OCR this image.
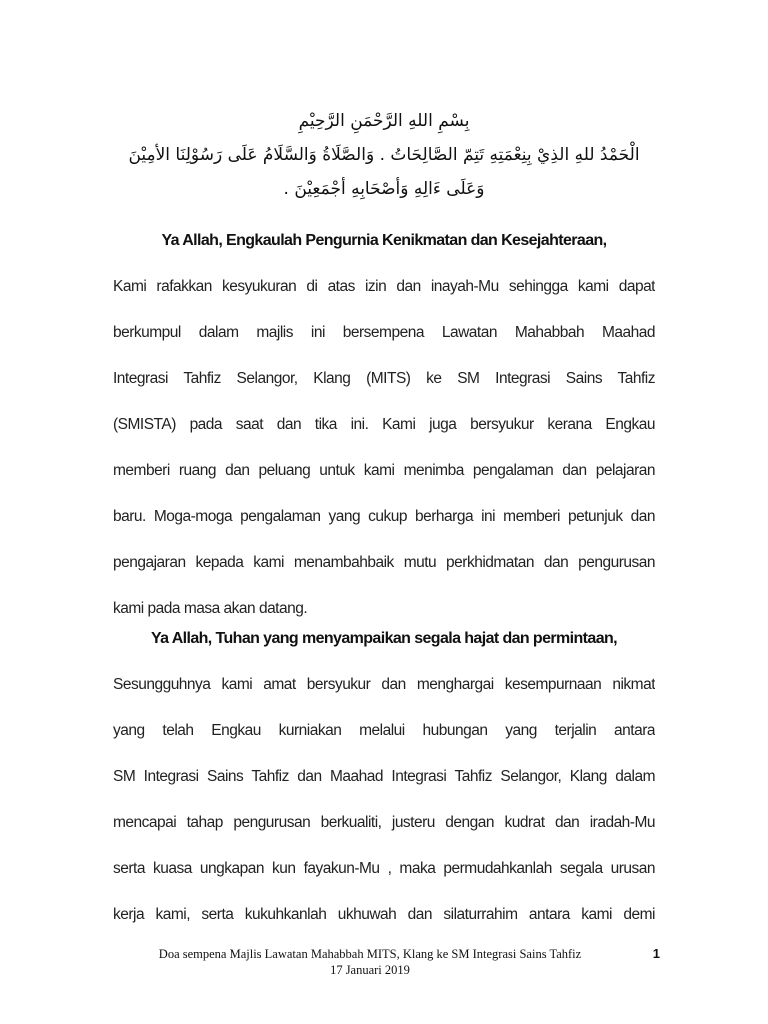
بِسْمِ اللهِ الرَّحْمَنِ الرَّحِيْمِ
الْحَمْدُ للهِ الذِيْ بِنِعْمَتِهِ تَتِمّ الصَّالِحَاتُ . وَالصَّلَاةُ وَالسَّلَامُ عَلَى رَسُوْلِنَا الأمِيْنَ
وَعَلَى ءَالِهِ وَأصْحَابِهِ أجْمَعِيْنَ .
Ya Allah, Engkaulah Pengurnia Kenikmatan dan Kesejahteraan,
Kami rafakkan kesyukuran di atas izin dan inayah-Mu sehingga kami dapat
berkumpul dalam majlis ini bersempena Lawatan Mahabbah Maahad
Integrasi Tahfiz Selangor, Klang (MITS) ke SM Integrasi Sains Tahfiz
(SMISTA) pada saat dan tika ini. Kami juga bersyukur kerana Engkau
memberi ruang dan peluang untuk kami menimba pengalaman dan pelajaran
baru. Moga-moga pengalaman yang cukup berharga ini memberi petunjuk dan
pengajaran kepada kami menambahbaik mutu perkhidmatan dan pengurusan
kami pada masa akan datang.
Ya Allah, Tuhan yang menyampaikan segala hajat dan permintaan,
Sesungguhnya kami amat bersyukur dan menghargai kesempurnaan nikmat
yang telah Engkau kurniakan melalui hubungan yang terjalin antara
SM Integrasi Sains Tahfiz dan Maahad Integrasi Tahfiz Selangor, Klang dalam
mencapai tahap pengurusan berkualiti, justeru dengan kudrat dan iradah-Mu
serta kuasa ungkapan kun fayakun-Mu , maka permudahkanlah segala urusan
kerja kami, serta kukuhkanlah ukhuwah dan silaturrahim antara kami demi
Doa sempena Majlis Lawatan Mahabbah MITS, Klang ke SM Integrasi Sains Tahfiz
17 Januari 2019
1
